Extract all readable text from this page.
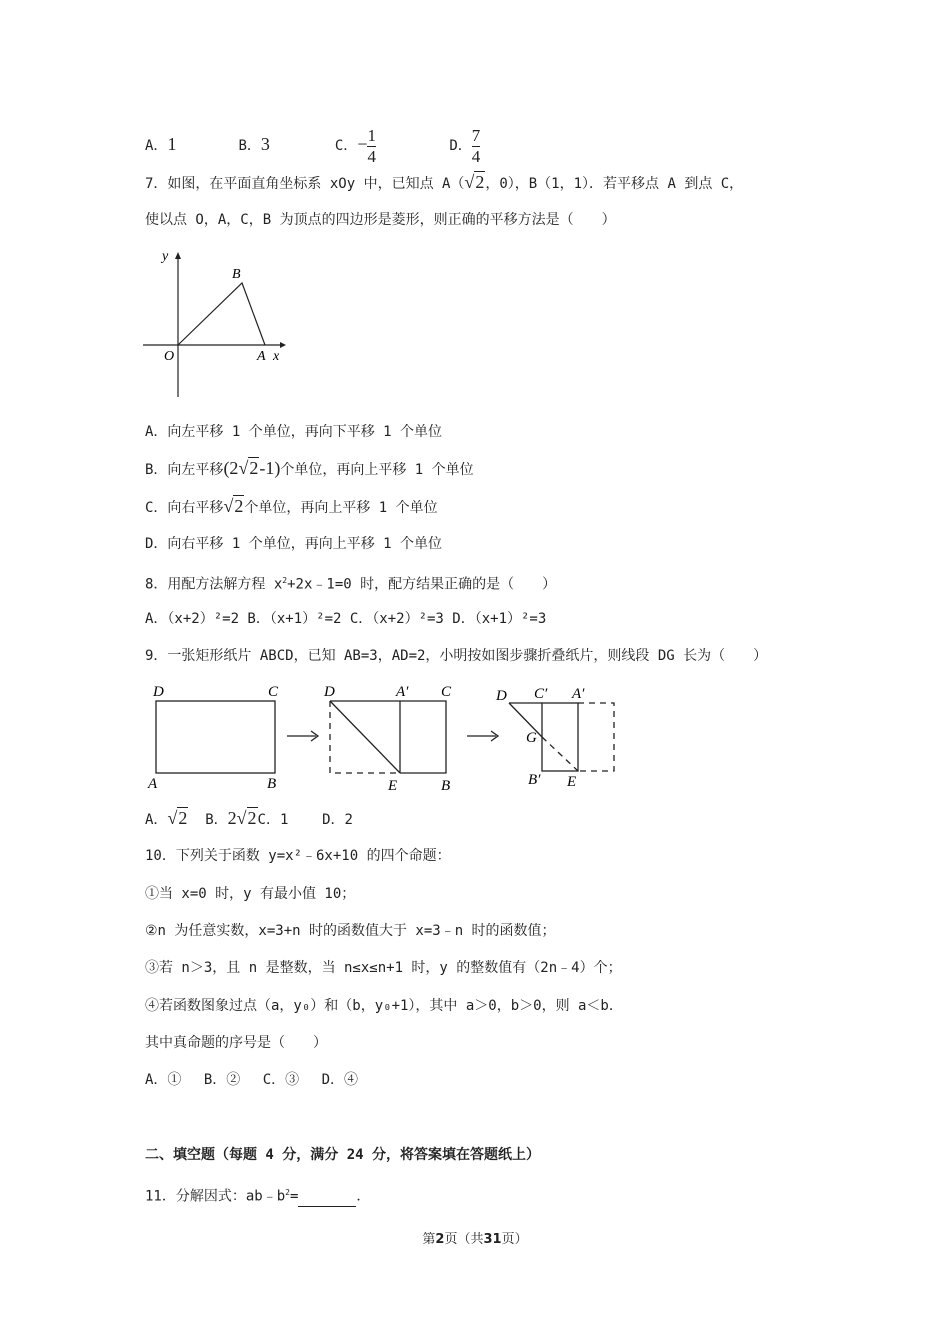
A．1	B．3	C．$-\frac{1}{4}$	D．$\frac{7}{4}$
7．如图，在平面直角坐标系 xOy 中，已知点 A（√2，0），B（1，1）．若平移点 A 到点 C，
使以点 O，A，C，B 为顶点的四边形是菱形，则正确的平移方法是（　　）
y
x
O	A
B
A．向左平移 1 个单位，再向下平移 1 个单位
B．向左平移(2√2-1)个单位，再向上平移 1 个单位
C．向右平移√2个单位，再向上平移 1 个单位
D．向右平移 1 个单位，再向上平移 1 个单位
8．用配方法解方程 $x^2+2x﹣1=0$ 时，配方结果正确的是（　　）
A．（x+2）²=2 B．（x+1）²=2 C．（x+2）²=3 D．（x+1）²=3
9．一张矩形纸片 ABCD，已知 AB=3，AD=2，小明按如图步骤折叠纸片，则线段 DG 长为（　　）
D	C
A	B
D	A′ C
E	B
D C′ A′
G
B′ E
A．√2 B．2√2C．1 D．2
10．下列关于函数 y=x²﹣6x+10 的四个命题：
①当 x=0 时，y 有最小值 10；
②n 为任意实数，x=3+n 时的函数值大于 x=3﹣n 时的函数值；
③若 n＞3，且 n 是整数，当 n≤x≤n+1 时，y 的整数值有（2n﹣4）个；
④若函数图象过点（a，y₀）和（b，y₀+1），其中 a＞0，b＞0，则 a＜b．
其中真命题的序号是（　　）
A．①　 B．②　 C．③　 D．④
二、填空题（每题 4 分，满分 24 分，将答案填在答题纸上）
11．分解因式：$ab﹣b^2=$	．
第2页（共31页）
